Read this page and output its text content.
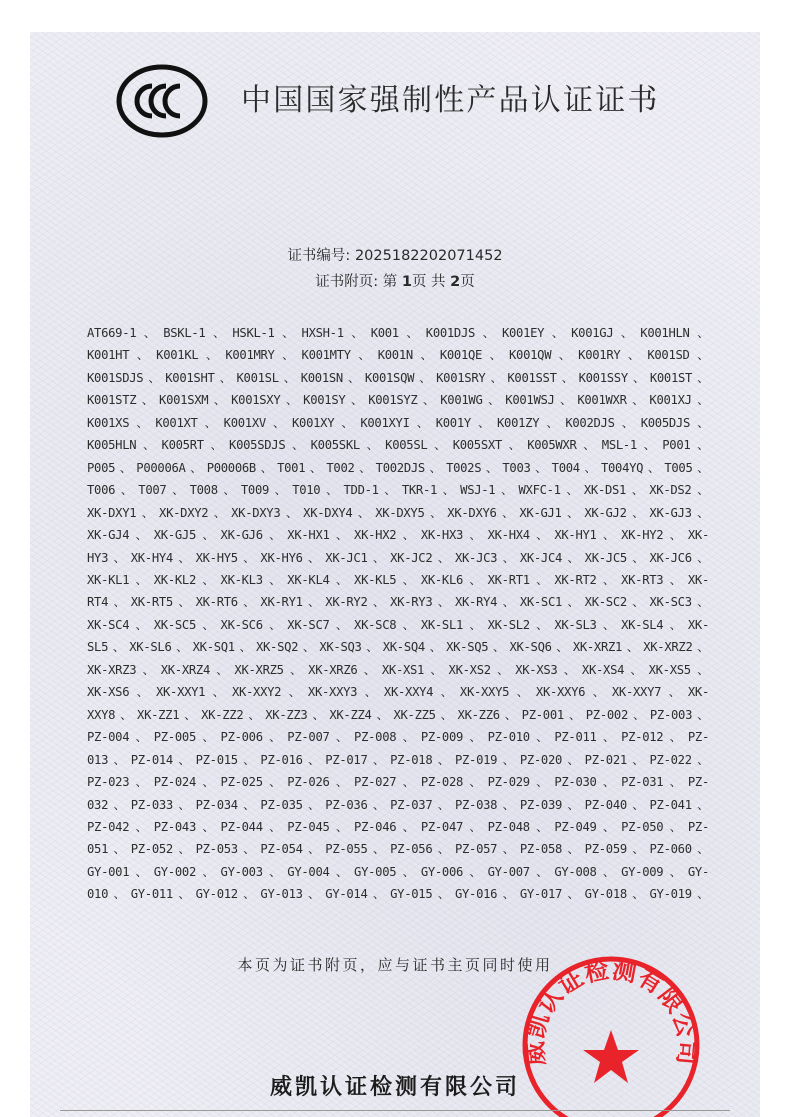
中国国家强制性产品认证证书
证书编号: 2025182202071452
证书附页: 第 1页 共 2页
AT669-1、BSKL-1、HSKL-1、HXSH-1、K001、K001DJS、K001EY、K001GJ、K001HLN、
K001HT、K001KL、K001MRY、K001MTY、K001N、K001QE、K001QW、K001RY、K001SD、
K001SDJS、K001SHT、K001SL、K001SN、K001SQW、K001SRY、K001SST、K001SSY、K001ST、
K001STZ、K001SXM、K001SXY、K001SY、K001SYZ、K001WG、K001WSJ、K001WXR、K001XJ、
K001XS、K001XT、K001XV、K001XY、K001XYI、K001Y、K001ZY、K002DJS、K005DJS、
K005HLN、K005RT、K005SDJS、K005SKL、K005SL、K005SXT、K005WXR、MSL-1、P001、
P005、P00006A、P00006B、T001、T002、T002DJS、T002S、T003、T004、T004YQ、T005、
T006、T007、T008、T009、T010、TDD-1、TKR-1、WSJ-1、WXFC-1、XK-DS1、XK-DS2、
XK-DXY1、XK-DXY2、XK-DXY3、XK-DXY4、XK-DXY5、XK-DXY6、XK-GJ1、XK-GJ2、XK-GJ3、
XK-GJ4、XK-GJ5、XK-GJ6、XK-HX1、XK-HX2、XK-HX3、XK-HX4、XK-HY1、XK-HY2、XK-
HY3、XK-HY4、XK-HY5、XK-HY6、XK-JC1、XK-JC2、XK-JC3、XK-JC4、XK-JC5、XK-JC6、
XK-KL1、XK-KL2、XK-KL3、XK-KL4、XK-KL5、XK-KL6、XK-RT1、XK-RT2、XK-RT3、XK-
RT4、XK-RT5、XK-RT6、XK-RY1、XK-RY2、XK-RY3、XK-RY4、XK-SC1、XK-SC2、XK-SC3、
XK-SC4、XK-SC5、XK-SC6、XK-SC7、XK-SC8、XK-SL1、XK-SL2、XK-SL3、XK-SL4、XK-
SL5、XK-SL6、XK-SQ1、XK-SQ2、XK-SQ3、XK-SQ4、XK-SQ5、XK-SQ6、XK-XRZ1、XK-XRZ2、
XK-XRZ3、XK-XRZ4、XK-XRZ5、XK-XRZ6、XK-XS1、XK-XS2、XK-XS3、XK-XS4、XK-XS5、
XK-XS6、XK-XXY1、XK-XXY2、XK-XXY3、XK-XXY4、XK-XXY5、XK-XXY6、XK-XXY7、XK-
XXY8、XK-ZZ1、XK-ZZ2、XK-ZZ3、XK-ZZ4、XK-ZZ5、XK-ZZ6、PZ-001、PZ-002、PZ-003、
PZ-004、PZ-005、PZ-006、PZ-007、PZ-008、PZ-009、PZ-010、PZ-011、PZ-012、PZ-
013、PZ-014、PZ-015、PZ-016、PZ-017、PZ-018、PZ-019、PZ-020、PZ-021、PZ-022、
PZ-023、PZ-024、PZ-025、PZ-026、PZ-027、PZ-028、PZ-029、PZ-030、PZ-031、PZ-
032、PZ-033、PZ-034、PZ-035、PZ-036、PZ-037、PZ-038、PZ-039、PZ-040、PZ-041、
PZ-042、PZ-043、PZ-044、PZ-045、PZ-046、PZ-047、PZ-048、PZ-049、PZ-050、PZ-
051、PZ-052、PZ-053、PZ-054、PZ-055、PZ-056、PZ-057、PZ-058、PZ-059、PZ-060、
GY-001、GY-002、GY-003、GY-004、GY-005、GY-006、GY-007、GY-008、GY-009、GY-
010、GY-011、GY-012、GY-013、GY-014、GY-015、GY-016、GY-017、GY-018、GY-019、
本页为证书附页，应与证书主页同时使用
威凯认证检测有限公司
威凯认证检测有限公司
